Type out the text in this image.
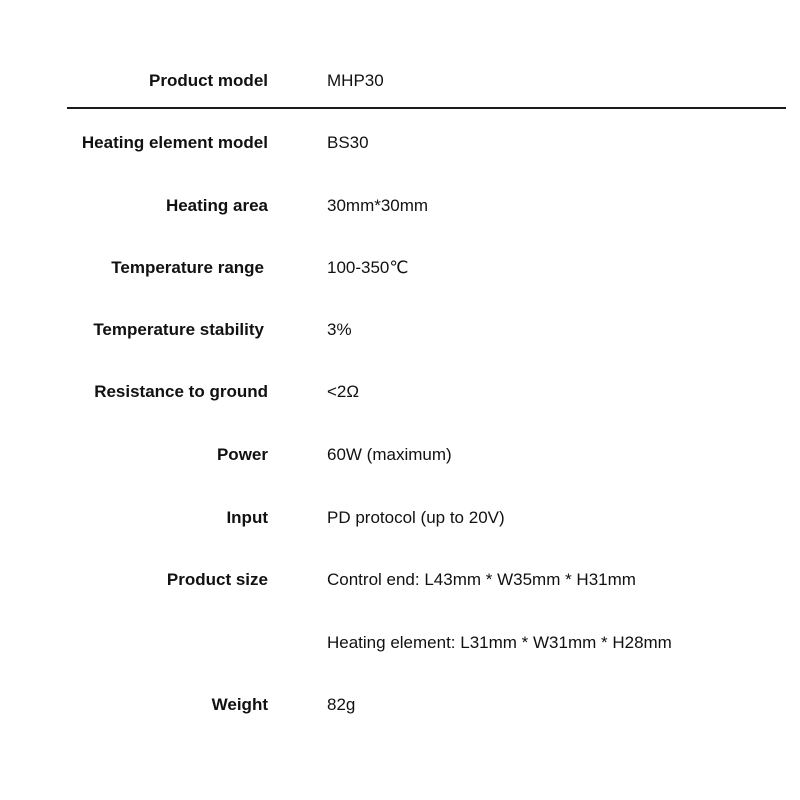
Product model	MHP30
Heating element model	BS30
Heating area	30mm*30mm
Temperature range	100-350℃
Temperature stability	3%
Resistance to ground	<2Ω
Power	60W (maximum)
Input	PD protocol (up to 20V)
Product size	Control end: L43mm * W35mm * H31mm
Heating element: L31mm * W31mm * H28mm
Weight	82g
